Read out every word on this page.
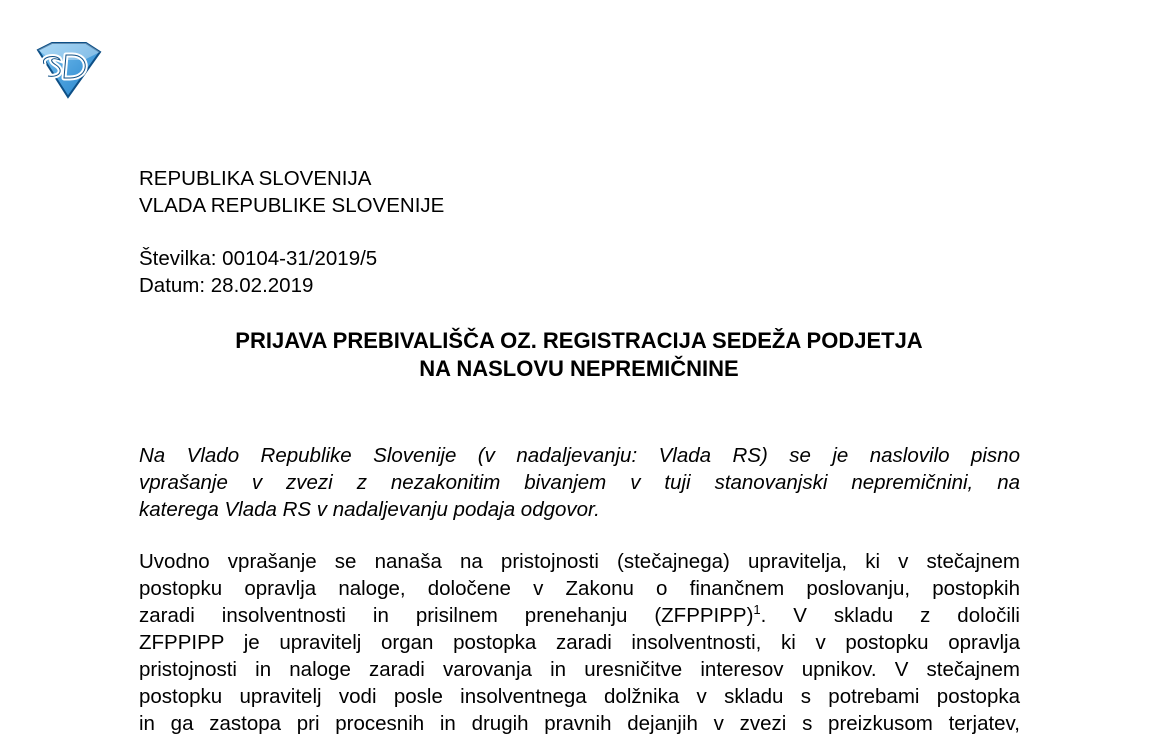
REPUBLIKA SLOVENIJA
VLADA REPUBLIKE SLOVENIJE
Številka: 00104-31/2019/5
Datum: 28.02.2019
PRIJAVA PREBIVALIŠČA OZ. REGISTRACIJA SEDEŽA PODJETJA
NA NASLOVU NEPREMIČNINE
Na Vlado Republike Slovenije (v nadaljevanju: Vlada RS) se je naslovilo pisno
vprašanje v zvezi z nezakonitim bivanjem v tuji stanovanjski nepremičnini, na
katerega Vlada RS v nadaljevanju podaja odgovor.
Uvodno vprašanje se nanaša na pristojnosti (stečajnega) upravitelja, ki v stečajnem
postopku opravlja naloge, določene v Zakonu o finančnem poslovanju, postopkih
zaradi insolventnosti in prisilnem prenehanju (ZFPPIPP)$^1$. V skladu z določili
ZFPPIPP je upravitelj organ postopka zaradi insolventnosti, ki v postopku opravlja
pristojnosti in naloge zaradi varovanja in uresničitve interesov upnikov. V stečajnem
postopku upravitelj vodi posle insolventnega dolžnika v skladu s potrebami postopka
in ga zastopa pri procesnih in drugih pravnih dejanjih v zvezi s preizkusom terjatev,
